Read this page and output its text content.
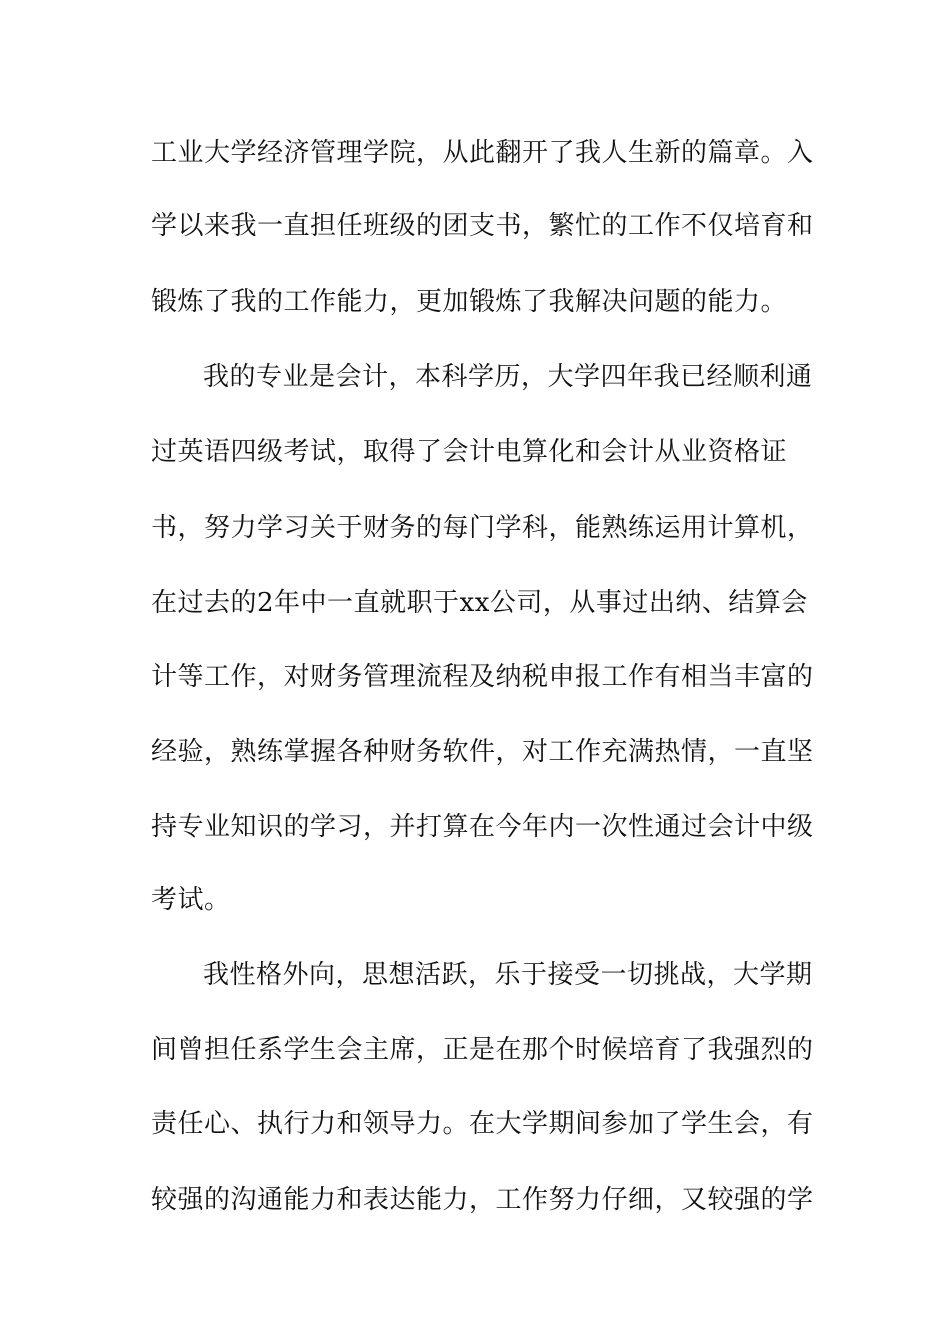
工业大学经济管理学院，从此翻开了我人生新的篇章。入
学以来我一直担任班级的团支书，繁忙的工作不仅培育和
锻炼了我的工作能力，更加锻炼了我解决问题的能力。
我的专业是会计，本科学历，大学四年我已经顺利通
过英语四级考试，取得了会计电算化和会计从业资格证
书，努力学习关于财务的每门学科，能熟练运用计算机，
在过去的2年中一直就职于xx公司，从事过出纳、结算会
计等工作，对财务管理流程及纳税申报工作有相当丰富的
经验，熟练掌握各种财务软件，对工作充满热情，一直坚
持专业知识的学习，并打算在今年内一次性通过会计中级
考试。
我性格外向，思想活跃，乐于接受一切挑战，大学期
间曾担任系学生会主席，正是在那个时候培育了我强烈的
责任心、执行力和领导力。在大学期间参加了学生会，有
较强的沟通能力和表达能力，工作努力仔细，又较强的学
